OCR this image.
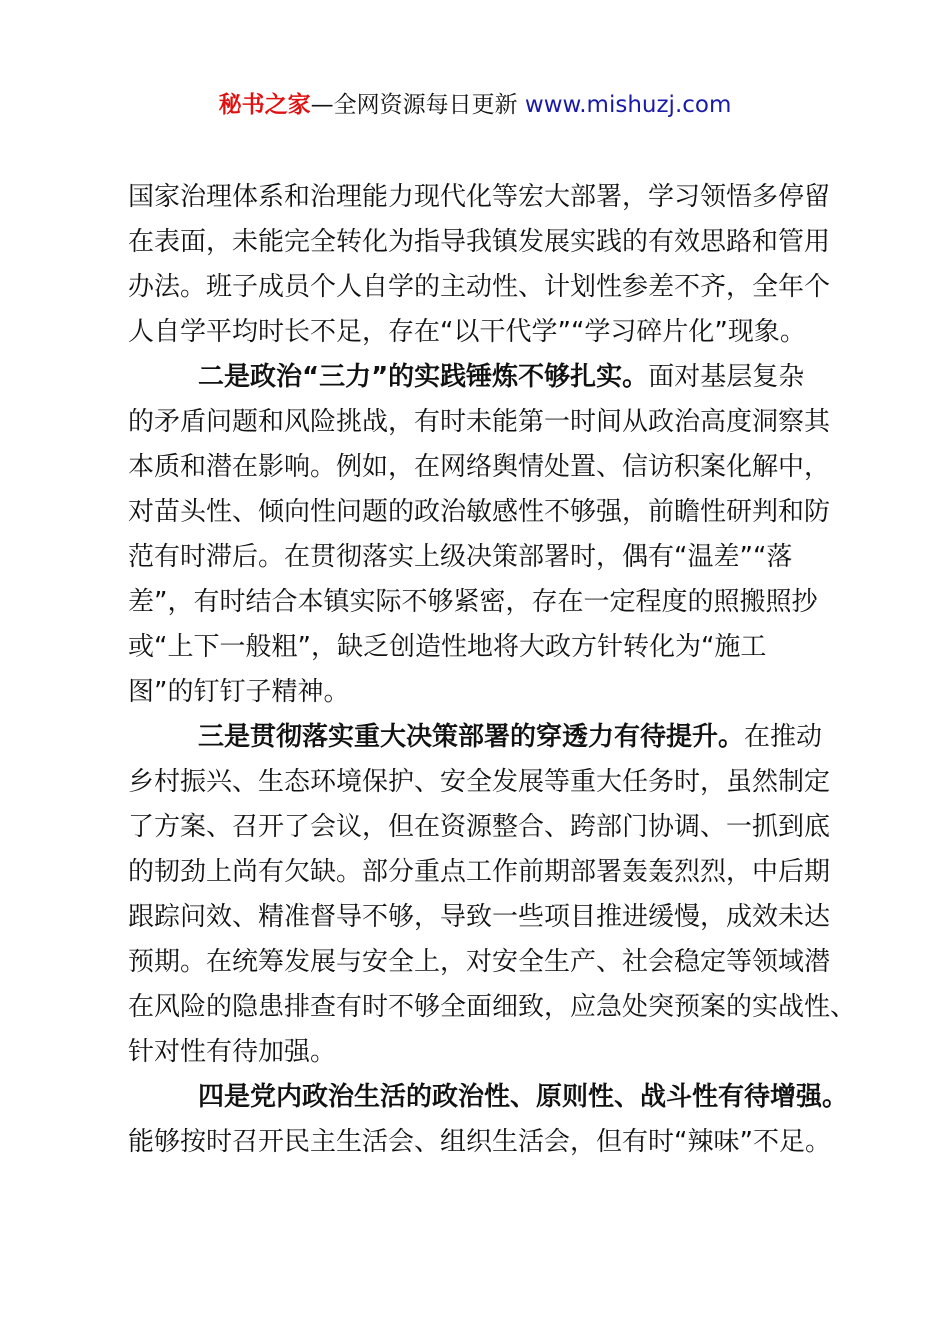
秘书之家—全网资源每日更新 www.mishuzj.com
国家治理体系和治理能力现代化等宏大部署，学习领悟多停留
在表面，未能完全转化为指导我镇发展实践的有效思路和管用
办法。班子成员个人自学的主动性、计划性参差不齐，全年个
人自学平均时长不足，存在“以干代学”“学习碎片化”现象。
二是政治“三力”的实践锤炼不够扎实。面对基层复杂
的矛盾问题和风险挑战，有时未能第一时间从政治高度洞察其
本质和潜在影响。例如，在网络舆情处置、信访积案化解中，
对苗头性、倾向性问题的政治敏感性不够强，前瞻性研判和防
范有时滞后。在贯彻落实上级决策部署时，偶有“温差”“落
差”，有时结合本镇实际不够紧密，存在一定程度的照搬照抄
或“上下一般粗”，缺乏创造性地将大政方针转化为“施工
图”的钉钉子精神。
三是贯彻落实重大决策部署的穿透力有待提升。在推动
乡村振兴、生态环境保护、安全发展等重大任务时，虽然制定
了方案、召开了会议，但在资源整合、跨部门协调、一抓到底
的韧劲上尚有欠缺。部分重点工作前期部署轰轰烈烈，中后期
跟踪问效、精准督导不够，导致一些项目推进缓慢，成效未达
预期。在统筹发展与安全上，对安全生产、社会稳定等领域潜
在风险的隐患排查有时不够全面细致，应急处突预案的实战性、
针对性有待加强。
四是党内政治生活的政治性、原则性、战斗性有待增强。
能够按时召开民主生活会、组织生活会，但有时“辣味”不足。
